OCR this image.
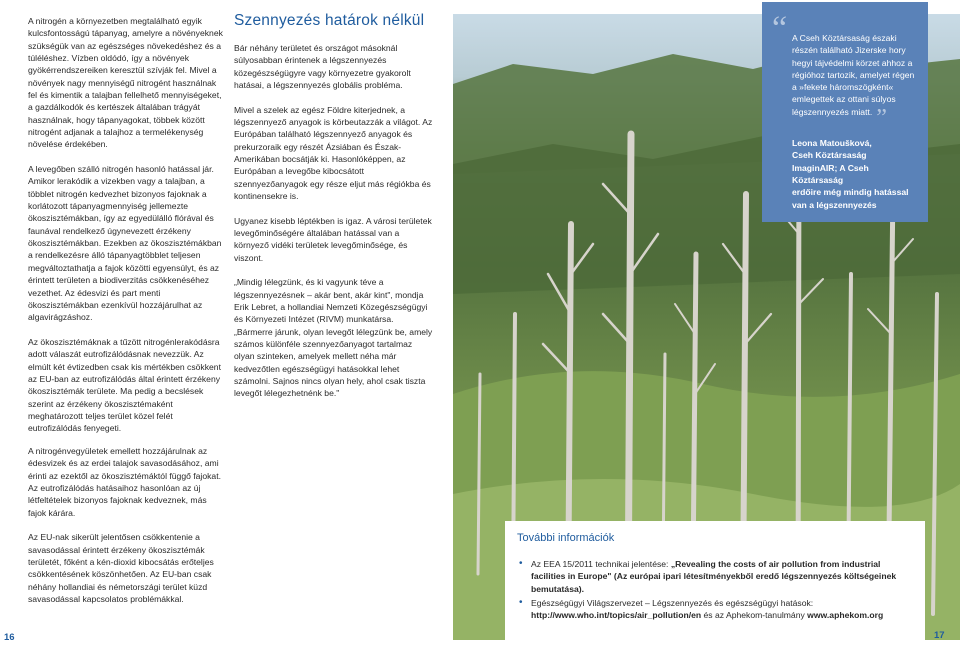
A nitrogén a környezetben megtalálható egyik kulcsfontosságú tápanyag, amelyre a növényeknek szükségük van az egészséges növekedéshez és a túléléshez. Vízben oldódó, így a növények gyökérrendszereiken keresztül szívják fel. Mivel a növények nagy mennyiségű nitrogént használnak fel és kimentik a talajban fellelhető mennyiségeket, a gazdálkodók és kertészek általában trágyát használnak, hogy tápanyagokat, többek között nitrogént adjanak a talajhoz a termelékenység növelése érdekében.

A levegőben szálló nitrogén hasonló hatással jár. Amikor lerakódik a vizekben vagy a talajban, a többlet nitrogén kedvezhet bizonyos fajoknak a korlátozott tápanyagmennyiség jellemezte ökoszisztémákban, így az egyedülálló flórával és faunával rendelkező úgynevezett érzékeny ökoszisztémákban. Ezekben az ökoszisztémákban a rendelkezésre álló tápanyagtöbblet teljesen megváltoztathatja a fajok közötti egyensúlyt, és az érintett területen a biodiverzitás csökkenéséhez vezethet. Az édesvizi és part menti ökoszisztémákban ezenkívül hozzájárulhat az algavirágzáshoz.

Az ökoszisztémáknak a tűzött nitrogénlerakódásra adott válaszát eutrofizálódásnak nevezzük. Az elmúlt két évtizedben csak kis mértékben csökkent az EU-ban az eutrofizálódás által érintett érzékeny ökoszisztémák területe. Ma pedig a becslések szerint az érzékeny ökoszisztémaként meghatározott teljes terület közel felét eutrofizálódás fenyegeti.

A nitrogénvegyületek emellett hozzájárulnak az édesvizek és az erdei talajok savasodásához, ami érinti az ezektől az ökoszisztémáktól függő fajokat. Az eutrofizálódás hatásaihoz hasonlóan az új létfeltételek bizonyos fajoknak kedveznek, más fajok kárára.

Az EU-nak sikerült jelentősen csökkentenie a savasodással érintett érzékeny ökoszisztémák területét, főként a kén-dioxid kibocsátás erőteljes csökkentésének köszönhetően. Az EU-ban csak néhány hollandiai és németországi terület küzd savasodással kapcsolatos problémákkal.

Szennyezés határok nélkül

Bár néhány területet és országot másoknál súlyosabban érintenek a légszennyezés közegészségügyre vagy környezetre gyakorolt hatásai, a légszennyezés globális probléma.

Mivel a szelek az egész Földre kiterjednek, a légszennyező anyagok is körbeutazzák a világot. Az Európában található légszennyező anyagok és prekurzoraik egy részét Ázsiában és Észak-Amerikában bocsátják ki. Hasonlóképpen, az Európában a levegőbe kibocsátott szennyezőanyagok egy része eljut más régiókba és kontinensekre is.

Ugyanez kisebb léptékben is igaz. A városi területek levegőminőségére általában hatással van a környező vidéki területek levegőminősége, és viszont.

„Mindig lélegzünk, és ki vagyunk téve a légszennyezésnek – akár bent, akár kint", mondja Erik Lebret, a hollandiai Nemzeti Közegészségügyi és Környezeti Intézet (RIVM) munkatársa. „Bármerre járunk, olyan levegőt lélegzünk be, amely számos különféle szennyezőanyagot tartalmaz olyan szinteken, amelyek mellett néha már kedvezőtlen egészségügyi hatásokkal lehet számolni. Sajnos nincs olyan hely, ahol csak tiszta levegőt lélegezhetnénk be."

“ A Cseh Köztársaság északi részén található Jizerske hory hegyi tájvédelmi körzet ahhoz a régióhoz tartozik, amelyet régen a »fekete háromszögként« emlegettek az ottani súlyos légszennyezés miatt. ”
Leona Matoušková,
Cseh Köztársaság
ImaginAIR; A Cseh Köztársaság
erdőire még mindig hatással
van a légszennyezés
További információk
• Az EEA 15/2011 technikai jelentése: „Revealing the costs of air pollution from industrial facilities in Europe" (Az európai ipari létesítményekből eredő légszennyezés költségeinek bemutatása).
• Egészségügyi Világszervezet – Légszennyezés és egészségügyi hatások: http://www.who.int/topics/air_pollution/en és az Aphekom-tanulmány www.aphekom.org
16	17
